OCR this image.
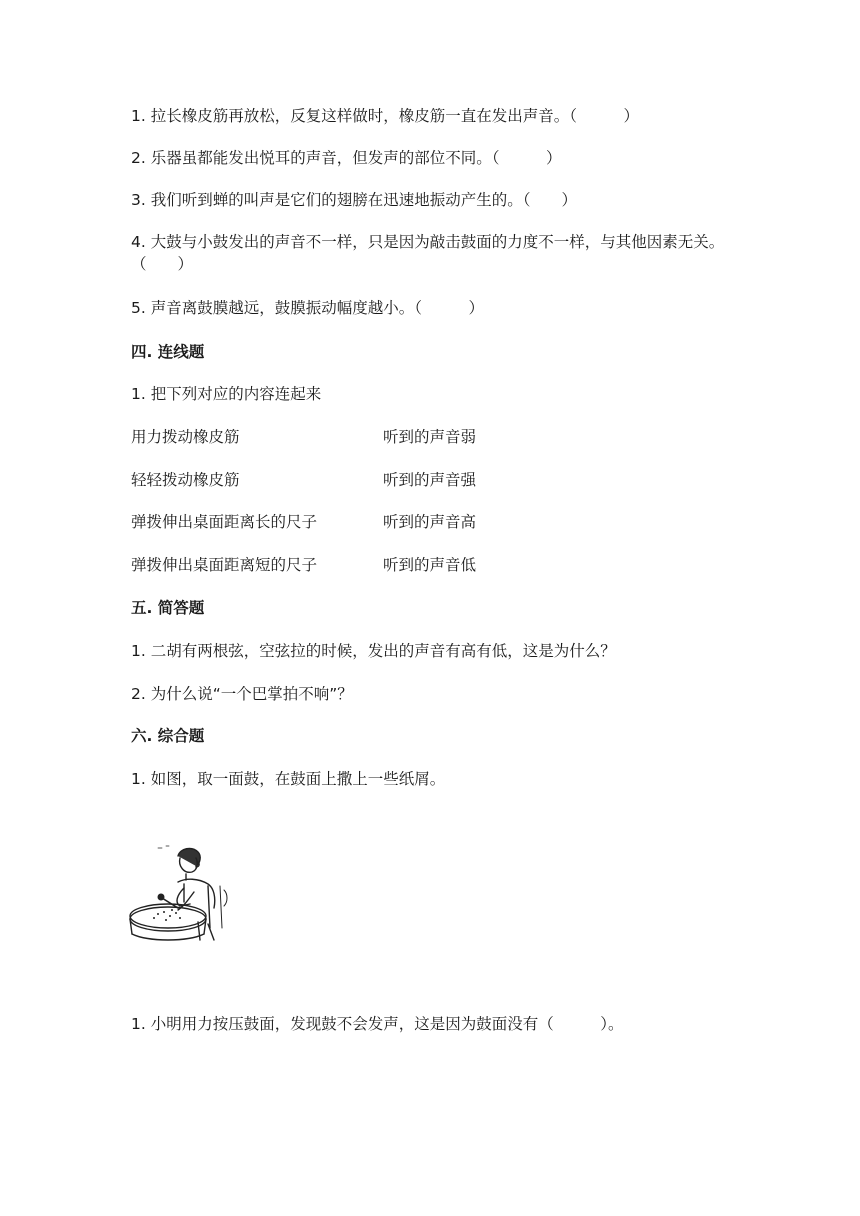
1. 拉长橡皮筋再放松，反复这样做时，橡皮筋一直在发出声音。（　　　）
2. 乐器虽都能发出悦耳的声音，但发声的部位不同。（　　　）
3. 我们听到蝉的叫声是它们的翅膀在迅速地振动产生的。（　　）
4. 大鼓与小鼓发出的声音不一样，只是因为敲击鼓面的力度不一样，与其他因素无关。（　　）
5. 声音离鼓膜越远，鼓膜振动幅度越小。（　　　）
四. 连线题
1. 把下列对应的内容连起来
用力拨动橡皮筋	听到的声音弱
轻轻拨动橡皮筋	听到的声音强
弹拨伸出桌面距离长的尺子	听到的声音高
弹拨伸出桌面距离短的尺子	听到的声音低
五. 简答题
1. 二胡有两根弦，空弦拉的时候，发出的声音有高有低，这是为什么？
2. 为什么说“一个巴掌拍不响”？
六. 综合题
1. 如图，取一面鼓，在鼓面上撒上一些纸屑。
1. 小明用力按压鼓面，发现鼓不会发声，这是因为鼓面没有（　　　）。
